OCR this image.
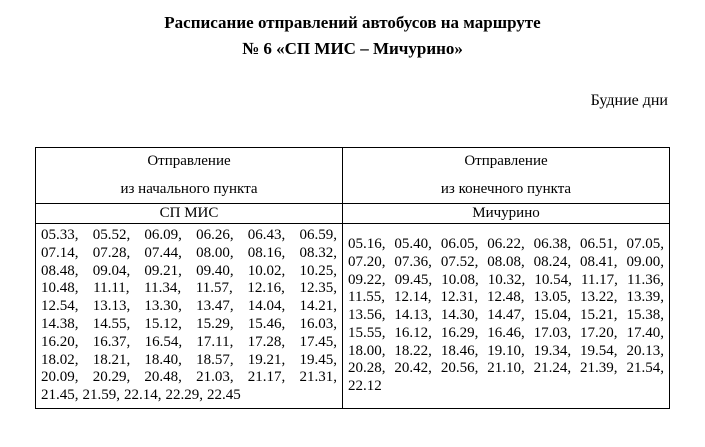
Расписание отправлений автобусов на маршруте
№ 6 «СП МИС – Мичурино»
Будние дни
Отправление
из начального пункта
Отправление
из конечного пункта
СП МИС	Мичурино
05.33, 05.52, 06.09, 06.26, 06.43, 06.59,
07.14, 07.28, 07.44, 08.00, 08.16, 08.32,
08.48, 09.04, 09.21, 09.40, 10.02, 10.25,
10.48, 11.11, 11.34, 11.57, 12.16, 12.35,
12.54, 13.13, 13.30, 13.47, 14.04, 14.21,
14.38, 14.55, 15.12, 15.29, 15.46, 16.03,
16.20, 16.37, 16.54, 17.11, 17.28, 17.45,
18.02, 18.21, 18.40, 18.57, 19.21, 19.45,
20.09, 20.29, 20.48, 21.03, 21.17, 21.31,
21.45, 21.59, 22.14, 22.29, 22.45
05.16, 05.40, 06.05, 06.22, 06.38, 06.51, 07.05,
07.20, 07.36, 07.52, 08.08, 08.24, 08.41, 09.00,
09.22, 09.45, 10.08, 10.32, 10.54, 11.17, 11.36,
11.55, 12.14, 12.31, 12.48, 13.05, 13.22, 13.39,
13.56, 14.13, 14.30, 14.47, 15.04, 15.21, 15.38,
15.55, 16.12, 16.29, 16.46, 17.03, 17.20, 17.40,
18.00, 18.22, 18.46, 19.10, 19.34, 19.54, 20.13,
20.28, 20.42, 20.56, 21.10, 21.24, 21.39, 21.54,
22.12
